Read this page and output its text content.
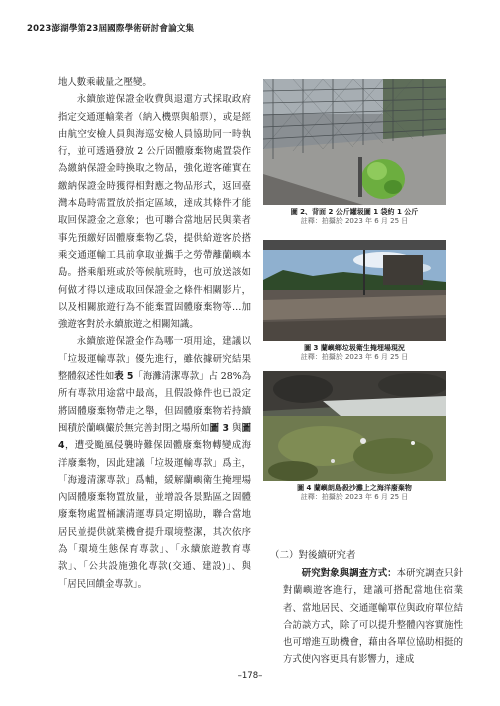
2023澎湖學第23屆國際學術研討會論文集

地人數乘載量之壓變。

永續旅遊保證金收費與退還方式採取政府指定交通運輸業者（納入機票與船票），或是經由航空安檢人員與海巡安檢人員協助同一時執行，並可透過發放 2 公斤固體廢棄物處置袋作為繳納保證金時換取之物品，強化遊客確實在繳納保證金時獲得相對應之物品形式，返回臺灣本島時需置放於指定區域，達成其條件才能取回保證金之意象；也可聯合當地居民與業者事先預繳好固體廢棄物乙袋，提供給遊客於搭乘交通運輸工具前拿取並攜手之勞帶離蘭嶼本島。搭乘船班或於等候航班時，也可放送該如何做才得以達成取回保證金之條件相關影片，以及相關旅遊行為不能棄置固體廢棄物等…加強遊客對於永續旅遊之相關知識。

永續旅遊保證金作為哪一項用途，建議以「垃圾運輸專款」優先進行，雖依據研究結果整體叙述性如表 5「海灘清潔專款」占 28%為所有專款用途當中最高，且假設條件也已設定將固體廢棄物帶走之舉，但固體廢棄物若持續囤積於蘭嶼儼於無完善封閉之場所如圖 3 與圖 4，遭受颱風侵襲時難保固體廢棄物轉變成海洋廢棄物，因此建議「垃圾運輸專款」爲主，「海邊清潔專款」爲輔，緩解蘭嶼衛生掩埋場內固體廢棄物置放量，並增設各景點區之固體廢棄物處置桶讓清運專員定期協助，聯合當地居民並提供就業機會提升環境整潔，其次依序為「環境生態保育專款」、「永續旅遊教育專款」、「公共設施強化專款(交通、建設)」、與「居民回饋金專款」。

圖 2、背面 2 公斤罐圾圖 1 袋約 1 公斤
註釋：拍攝於 2023 年 6 月 25 日
圖 3 蘭嶼鄉垃圾衛生掩埋場現況
註釋：拍攝於 2023 年 6 月 25 日
圖 4 蘭嶼朗島殺沙灘上之海洋廢棄物
註釋：拍攝於 2023 年 6 月 25 日
（二）對後續研究者

研究對象與調查方式：本研究調查只針對蘭嶼遊客進行，建議可搭配當地住宿業者、當地居民、交通運輸單位與政府單位結合訪談方式，除了可以提升整體內容實施性也可增進互助機會，藉由各單位協助相挺的方式使內容更具有影響力，達成

–178–
